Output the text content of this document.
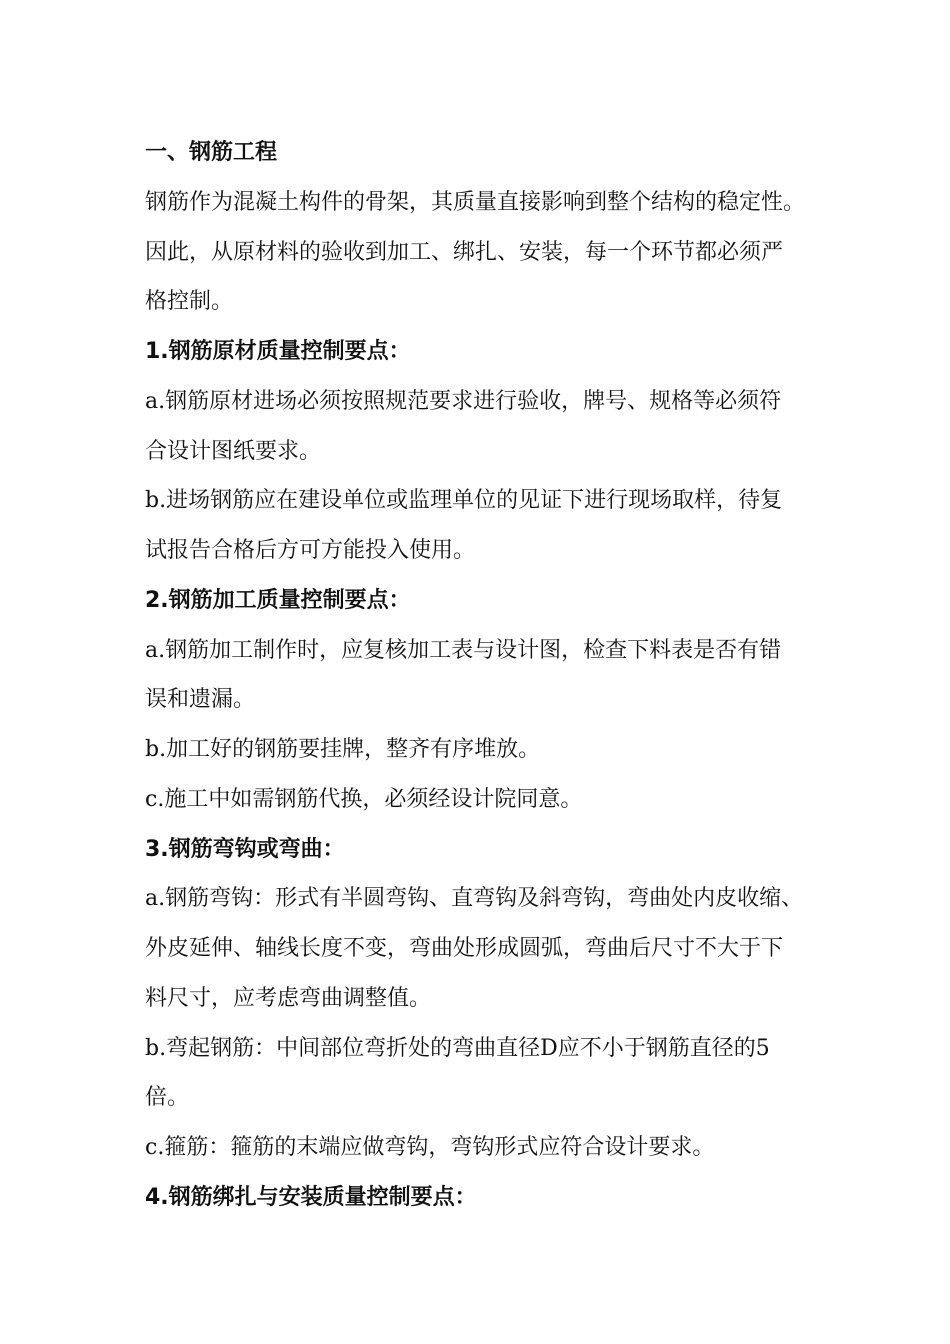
一、钢筋工程
钢筋作为混凝土构件的骨架，其质量直接影响到整个结构的稳定性。
因此，从原材料的验收到加工、绑扎、安装，每一个环节都必须严
格控制。
1.钢筋原材质量控制要点：
a.钢筋原材进场必须按照规范要求进行验收，牌号、规格等必须符
合设计图纸要求。
b.进场钢筋应在建设单位或监理单位的见证下进行现场取样，待复
试报告合格后方可方能投入使用。
2.钢筋加工质量控制要点：
a.钢筋加工制作时，应复核加工表与设计图，检查下料表是否有错
误和遗漏。
b.加工好的钢筋要挂牌，整齐有序堆放。
c.施工中如需钢筋代换，必须经设计院同意。
3.钢筋弯钩或弯曲：
a.钢筋弯钩：形式有半圆弯钩、直弯钩及斜弯钩，弯曲处内皮收缩、
外皮延伸、轴线长度不变，弯曲处形成圆弧，弯曲后尺寸不大于下
料尺寸，应考虑弯曲调整值。
b.弯起钢筋：中间部位弯折处的弯曲直径D应不小于钢筋直径的5
倍。
c.箍筋：箍筋的末端应做弯钩，弯钩形式应符合设计要求。
4.钢筋绑扎与安装质量控制要点：
